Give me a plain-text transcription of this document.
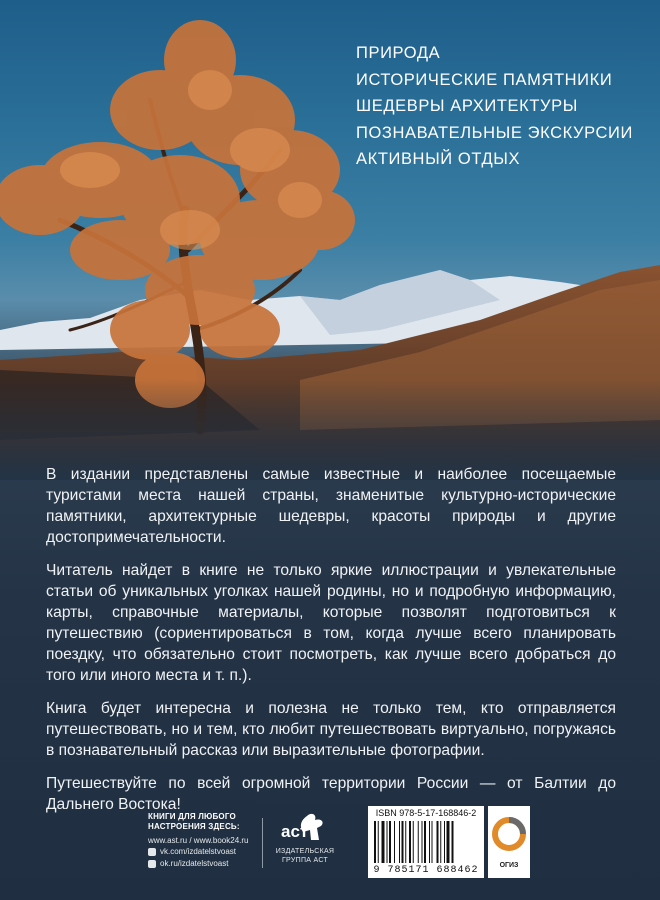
ПРИРОДА
ИСТОРИЧЕСКИЕ ПАМЯТНИКИ
ШЕДЕВРЫ АРХИТЕКТУРЫ
ПОЗНАВАТЕЛЬНЫЕ ЭКСКУРСИИ
АКТИВНЫЙ ОТДЫХ

В издании представлены самые известные и наиболее посещаемые туристами места нашей страны, знаменитые культурно-исторические памятники, архитектурные шедевры, красоты природы и другие достопримечательности.

Читатель найдет в книге не только яркие иллюстрации и увлекательные статьи об уникальных уголках нашей родины, но и подробную информацию, карты, справочные материалы, которые позволят подготовиться к путешествию (сориентироваться в том, когда лучше всего планировать поездку, что обязательно стоит посмотреть, как лучше всего добраться до того или иного места и т. п.).

Книга будет интересна и полезна не только тем, кто отправляется путешествовать, но и тем, кто любит путешествовать виртуально, погружаясь в познавательный рассказ или выразительные фотографии.

Путешествуйте по всей огромной территории России — от Балтии до Дальнего Востока!

КНИГИ ДЛЯ ЛЮБОГО НАСТРОЕНИЯ ЗДЕСЬ:
www.ast.ru / www.book24.ru
vk.com/izdatelstvoast
ok.ru/izdatelstvoast
аст
ИЗДАТЕЛЬСКАЯ ГРУППА АСТ
ISBN 978-5-17-168846-2
9 785171 688462	ОГИЗ
